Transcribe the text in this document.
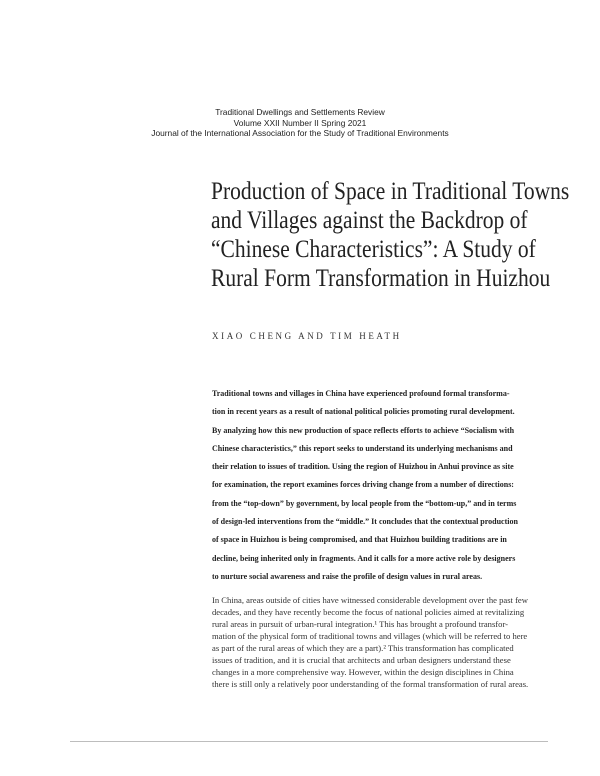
Traditional Dwellings and Settlements Review
Volume XXII Number II Spring 2021
Journal of the International Association for the Study of Traditional Environments
Production of Space in Traditional Towns
and Villages against the Backdrop of
“Chinese Characteristics”: A Study of
Rural Form Transformation in Huizhou
XIAO CHENG AND TIM HEATH
Traditional towns and villages in China have experienced profound formal transforma-
tion in recent years as a result of national political policies promoting rural development.
By analyzing how this new production of space reflects efforts to achieve “Socialism with
Chinese characteristics,” this report seeks to understand its underlying mechanisms and
their relation to issues of tradition. Using the region of Huizhou in Anhui province as site
for examination, the report examines forces driving change from a number of directions:
from the “top-down” by government, by local people from the “bottom-up,” and in terms
of design-led interventions from the “middle.” It concludes that the contextual production
of space in Huizhou is being compromised, and that Huizhou building traditions are in
decline, being inherited only in fragments. And it calls for a more active role by designers
to nurture social awareness and raise the profile of design values in rural areas.
In China, areas outside of cities have witnessed considerable development over the past few
decades, and they have recently become the focus of national policies aimed at revitalizing
rural areas in pursuit of urban-rural integration.¹ This has brought a profound transfor-
mation of the physical form of traditional towns and villages (which will be referred to here
as part of the rural areas of which they are a part).² This transformation has complicated
issues of tradition, and it is crucial that architects and urban designers understand these
changes in a more comprehensive way. However, within the design disciplines in China
there is still only a relatively poor understanding of the formal transformation of rural areas.
